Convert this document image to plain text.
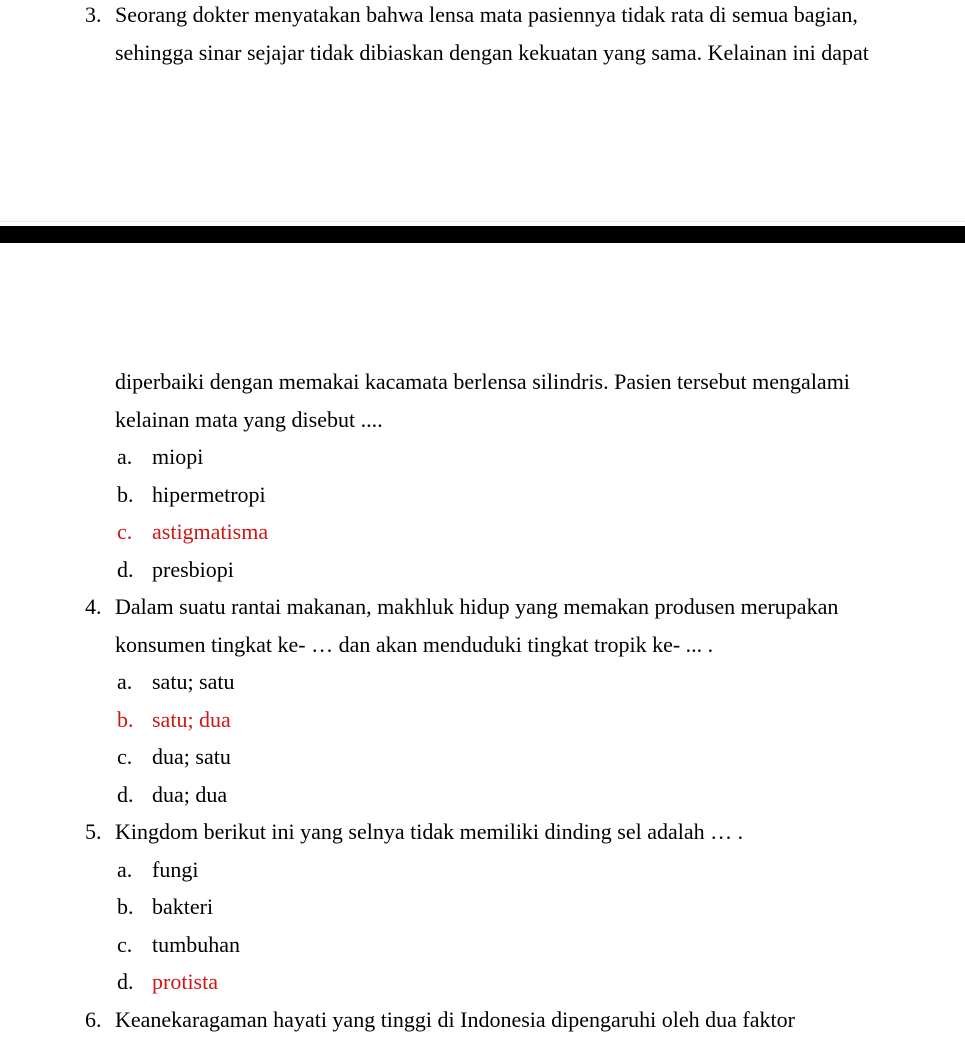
3. Seorang dokter menyatakan bahwa lensa mata pasiennya tidak rata di semua bagian,
sehingga sinar sejajar tidak dibiaskan dengan kekuatan yang sama. Kelainan ini dapat
diperbaiki dengan memakai kacamata berlensa silindris. Pasien tersebut mengalami
kelainan mata yang disebut ....
a. miopi
b. hipermetropi
c. astigmatisma
d. presbiopi
4. Dalam suatu rantai makanan, makhluk hidup yang memakan produsen merupakan
konsumen tingkat ke- … dan akan menduduki tingkat tropik ke- ... .
a. satu; satu
b. satu; dua
c. dua; satu
d. dua; dua
5. Kingdom berikut ini yang selnya tidak memiliki dinding sel adalah … .
a. fungi
b. bakteri
c. tumbuhan
d. protista
6. Keanekaragaman hayati yang tinggi di Indonesia dipengaruhi oleh dua faktor
